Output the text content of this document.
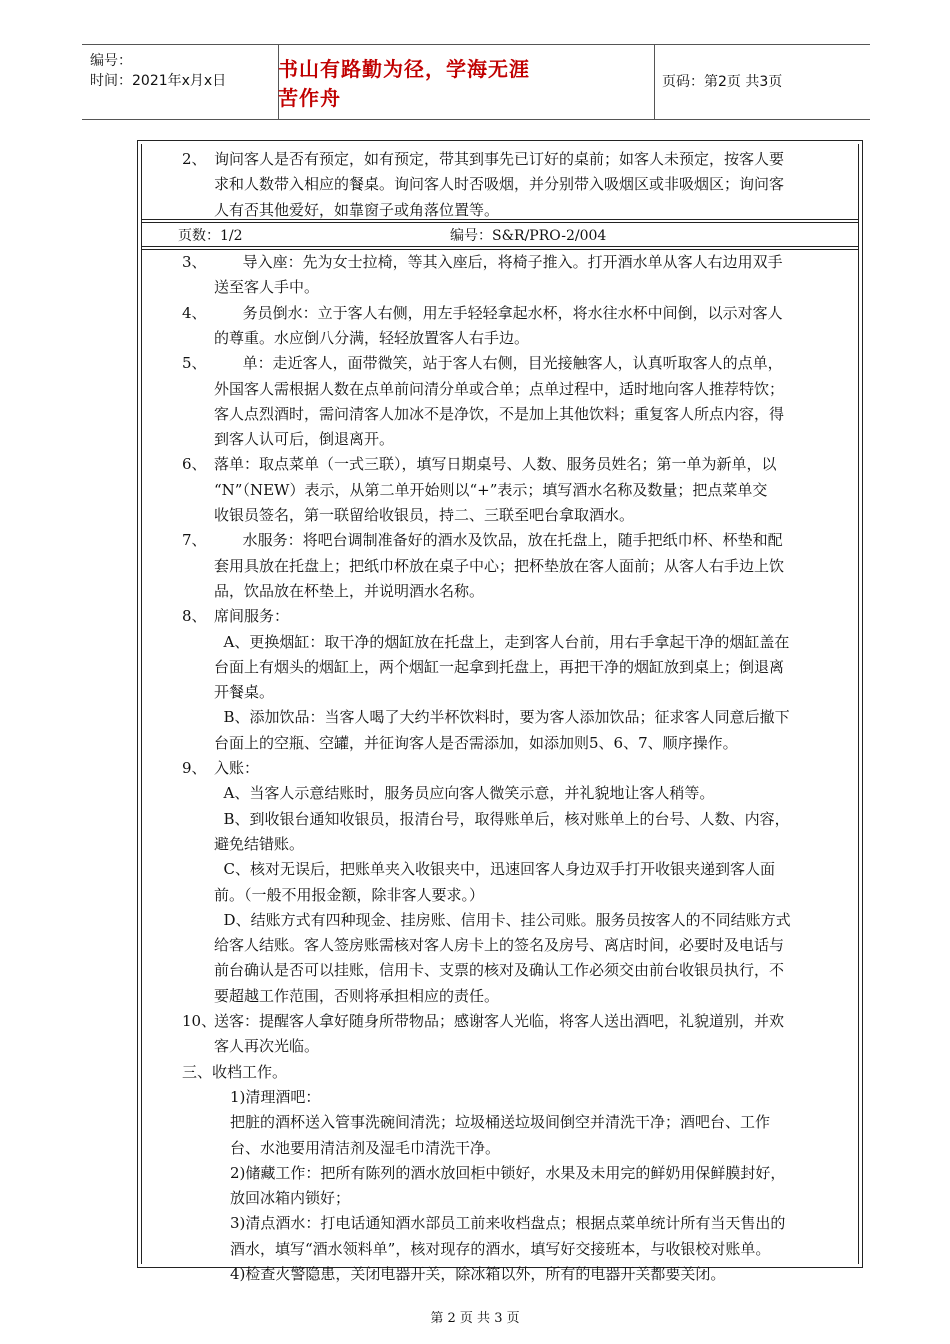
编号：
时间：2021年x月x日	书山有路勤为径，学海无涯苦作舟
页码：第2页 共3页
页数：1/2	编号：S&R/PRO-2/004
2、 询问客人是否有预定，如有预定，带其到事先已订好的桌前；如客人未预定，按客人要
求和人数带入相应的餐桌。询问客人时否吸烟，并分别带入吸烟区或非吸烟区；询问客
人有否其他爱好，如靠窗子或角落位置等。
3、 导入座：先为女士拉椅，等其入座后，将椅子推入。打开酒水单从客人右边用双手
送至客人手中。
4、 务员倒水：立于客人右侧，用左手轻轻拿起水杯，将水往水杯中间倒，以示对客人
的尊重。水应倒八分满，轻轻放置客人右手边。
5、 单：走近客人，面带微笑，站于客人右侧，目光接触客人，认真听取客人的点单，
外国客人需根据人数在点单前问清分单或合单；点单过程中，适时地向客人推荐特饮；
客人点烈酒时，需问清客人加冰不是净饮，不是加上其他饮料；重复客人所点内容，得
到客人认可后，倒退离开。
6、 落单：取点菜单（一式三联），填写日期桌号、人数、服务员姓名；第一单为新单，以
“N”（NEW）表示，从第二单开始则以“+”表示；填写酒水名称及数量；把点菜单交
收银员签名，第一联留给收银员，持二、三联至吧台拿取酒水。
7、 水服务：将吧台调制准备好的酒水及饮品，放在托盘上，随手把纸巾杯、杯垫和配
套用具放在托盘上；把纸巾杯放在桌子中心；把杯垫放在客人面前；从客人右手边上饮
品，饮品放在杯垫上，并说明酒水名称。
8、 席间服务：
A、更换烟缸：取干净的烟缸放在托盘上，走到客人台前，用右手拿起干净的烟缸盖在
台面上有烟头的烟缸上，两个烟缸一起拿到托盘上，再把干净的烟缸放到桌上；倒退离
开餐桌。
B、添加饮品：当客人喝了大约半杯饮料时，要为客人添加饮品；征求客人同意后撤下
台面上的空瓶、空罐，并征询客人是否需添加，如添加则5、6、7、顺序操作。
9、 入账：
A、当客人示意结账时，服务员应向客人微笑示意，并礼貌地让客人稍等。
B、到收银台通知收银员，报清台号，取得账单后，核对账单上的台号、人数、内容，
避免结错账。
C、核对无误后，把账单夹入收银夹中，迅速回客人身边双手打开收银夹递到客人面
前。（一般不用报金额，除非客人要求。）
D、结账方式有四种现金、挂房账、信用卡、挂公司账。服务员按客人的不同结账方式
给客人结账。客人签房账需核对客人房卡上的签名及房号、离店时间，必要时及电话与
前台确认是否可以挂账，信用卡、支票的核对及确认工作必须交由前台收银员执行，不
要超越工作范围，否则将承担相应的责任。
10、
送客：提醒客人拿好随身所带物品；感谢客人光临，将客人送出酒吧，礼貌道别，并欢
客人再次光临。
三、收档工作。
1)清理酒吧：
把脏的酒杯送入管事洗碗间清洗；垃圾桶送垃圾间倒空并清洗干净；酒吧台、工作
台、水池要用清洁剂及湿毛巾清洗干净。
2)储藏工作：把所有陈列的酒水放回柜中锁好，水果及未用完的鲜奶用保鲜膜封好，
放回冰箱内锁好；
3)清点酒水：打电话通知酒水部员工前来收档盘点；根据点菜单统计所有当天售出的
酒水，填写“酒水领料单”，核对现存的酒水，填写好交接班本，与收银校对账单。
4)检查火警隐患，关闭电器开关，除冰箱以外，所有的电器开关都要关闭。
第 2 页 共 3 页
